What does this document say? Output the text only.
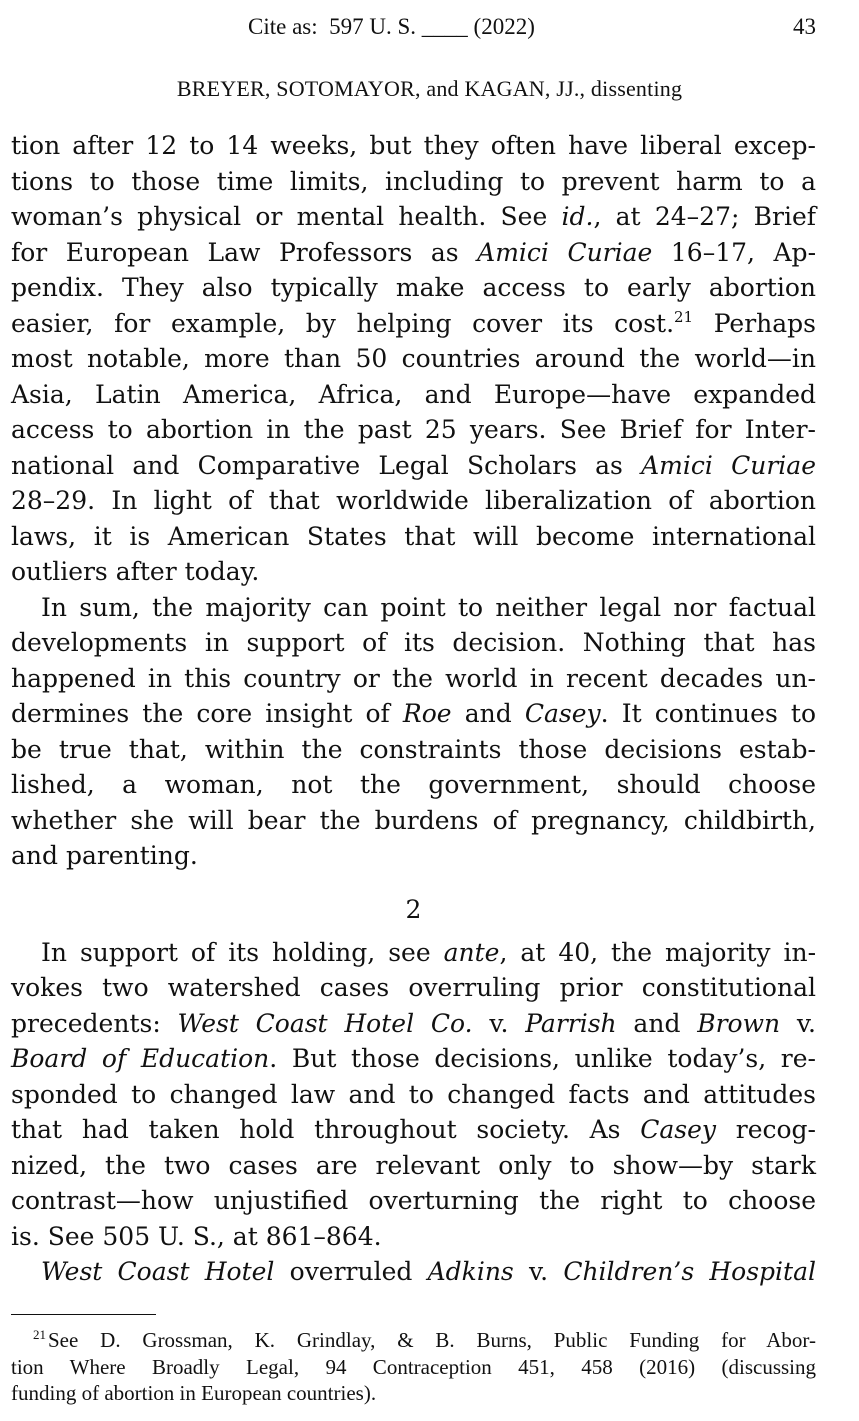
Cite as:  597 U. S. ____ (2022)	43
BREYER, SOTOMAYOR, and KAGAN, JJ., dissenting
tion after 12 to 14 weeks, but they often have liberal excep-
tions to those time limits, including to prevent harm to a
woman’s physical or mental health. See id., at 24–27; Brief
for European Law Professors as Amici Curiae 16–17, Ap-
pendix. They also typically make access to early abortion
easier, for example, by helping cover its cost.$^{21}$ Perhaps
most notable, more than 50 countries around the world—in
Asia, Latin America, Africa, and Europe—have expanded
access to abortion in the past 25 years. See Brief for Inter-
national and Comparative Legal Scholars as Amici Curiae
28–29. In light of that worldwide liberalization of abortion
laws, it is American States that will become international
outliers after today.
In sum, the majority can point to neither legal nor factual
developments in support of its decision. Nothing that has
happened in this country or the world in recent decades un-
dermines the core insight of Roe and Casey. It continues to
be true that, within the constraints those decisions estab-
lished, a woman, not the government, should choose
whether she will bear the burdens of pregnancy, childbirth,
and parenting.
2
In support of its holding, see ante, at 40, the majority in-
vokes two watershed cases overruling prior constitutional
precedents: West Coast Hotel Co. v. Parrish and Brown v.
Board of Education. But those decisions, unlike today’s, re-
sponded to changed law and to changed facts and attitudes
that had taken hold throughout society. As Casey recog-
nized, the two cases are relevant only to show—by stark
contrast—how unjustified overturning the right to choose
is. See 505 U. S., at 861–864.
West Coast Hotel overruled Adkins v. Children’s Hospital
$^{21}$See D. Grossman, K. Grindlay, & B. Burns, Public Funding for Abor-
tion Where Broadly Legal, 94 Contraception 451, 458 (2016) (discussing
funding of abortion in European countries).
